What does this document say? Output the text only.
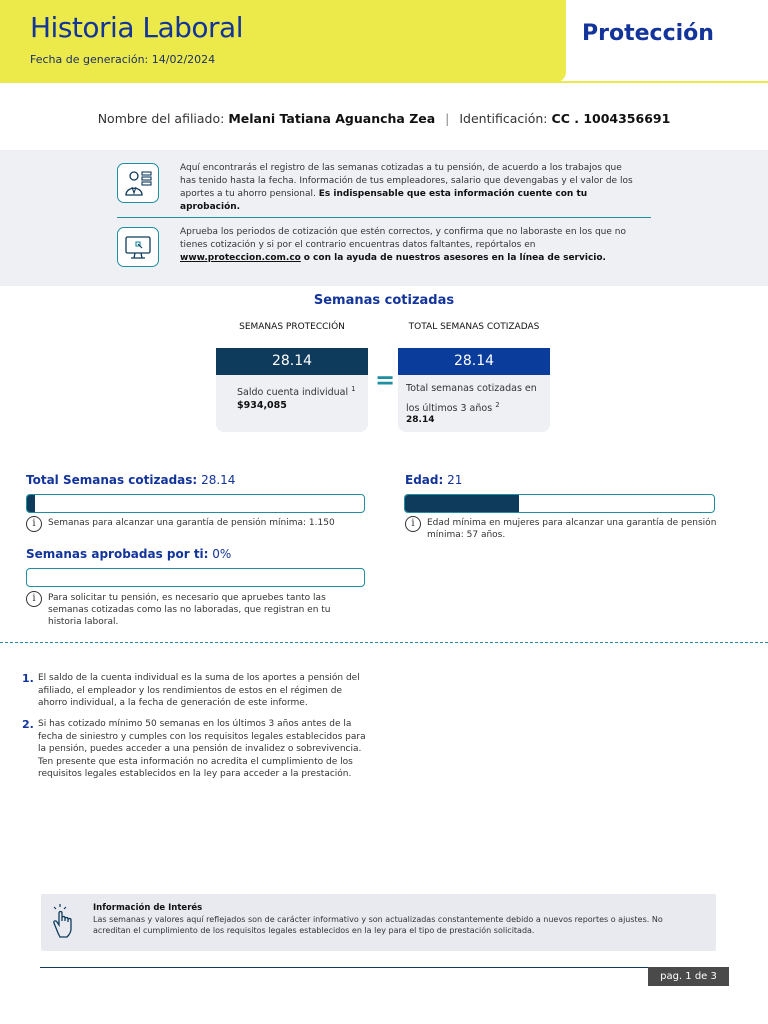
Historia Laboral
Fecha de generación: 14/02/2024
Protección
Nombre del afiliado: Melani Tatiana Aguancha Zea | Identificación: CC . 1004356691
Aquí encontrarás el registro de las semanas cotizadas a tu pensión, de acuerdo a los trabajos que has tenido hasta la fecha. Información de tus empleadores, salario que devengabas y el valor de los aportes a tu ahorro pensional. Es indispensable que esta información cuente con tu aprobación.
Aprueba los periodos de cotización que estén correctos, y confirma que no laboraste en los que no tienes cotización y si por el contrario encuentras datos faltantes, repórtalos en www.proteccion.com.co o con la ayuda de nuestros asesores en la línea de servicio.
Semanas cotizadas
SEMANAS PROTECCIÓN
28.14
Saldo cuenta individual $^1$
$934,085
=
TOTAL SEMANAS COTIZADAS
28.14
Total semanas cotizadas en los últimos 3 años $^2$
28.14
Total Semanas cotizadas: 28.14
i	Semanas para alcanzar una garantía de pensión mínima: 1.150
Semanas aprobadas por ti: 0%
i	Para solicitar tu pensión, es necesario que apruebes tanto las semanas cotizadas como las no laboradas, que registran en tu historia laboral.
Edad: 21
i	Edad mínima en mujeres para alcanzar una garantía de pensión mínima: 57 años.
1. El saldo de la cuenta individual es la suma de los aportes a pensión del afiliado, el empleador y los rendimientos de estos en el régimen de ahorro individual, a la fecha de generación de este informe.
2. Si has cotizado mínimo 50 semanas en los últimos 3 años antes de la fecha de siniestro y cumples con los requisitos legales establecidos para la pensión, puedes acceder a una pensión de invalidez o sobrevivencia. Ten presente que esta información no acredita el cumplimiento de los requisitos legales establecidos en la ley para acceder a la prestación.
Información de Interés
Las semanas y valores aquí reflejados son de carácter informativo y son actualizadas constantemente debido a nuevos reportes o ajustes. No acreditan el cumplimiento de los requisitos legales establecidos en la ley para el tipo de prestación solicitada.
pag. 1 de 3
